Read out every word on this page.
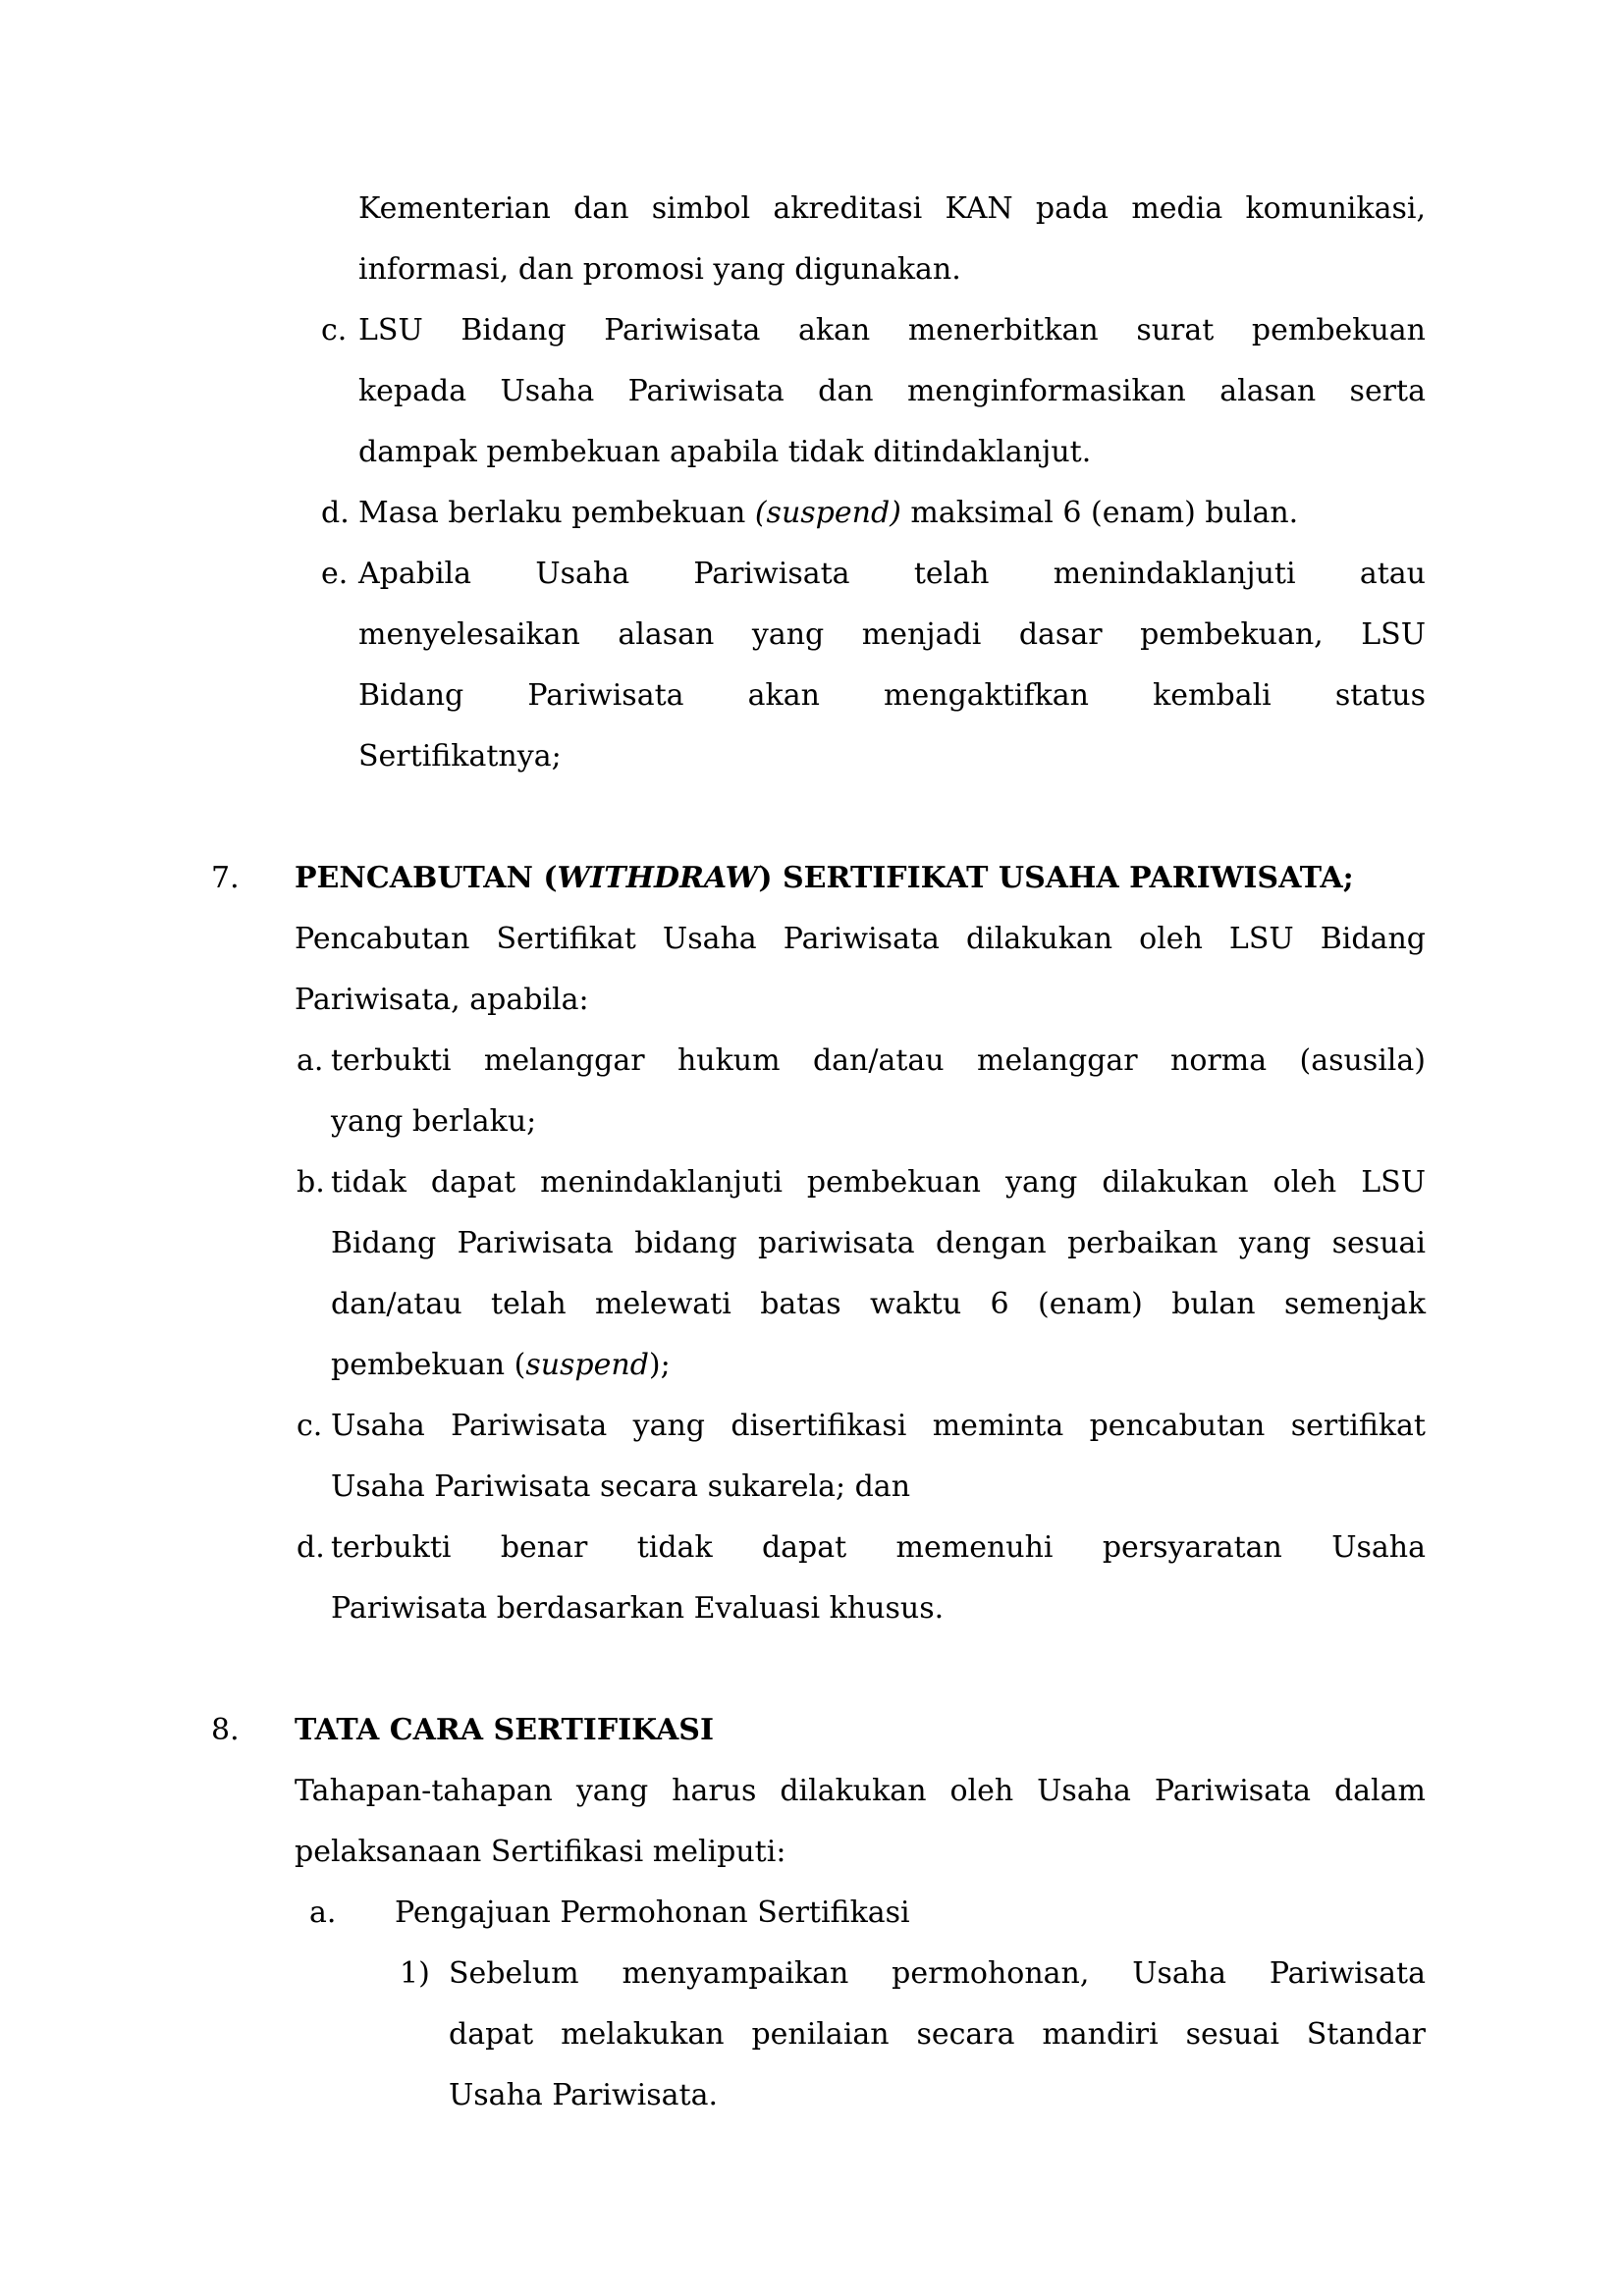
Kementerian dan simbol akreditasi KAN pada media komunikasi,
informasi, dan promosi yang digunakan.
c. LSU Bidang Pariwisata akan menerbitkan surat pembekuan
kepada Usaha Pariwisata dan menginformasikan alasan serta
dampak pembekuan apabila tidak ditindaklanjut.
d. Masa berlaku pembekuan (suspend) maksimal 6 (enam) bulan.
e. Apabila Usaha Pariwisata telah menindaklanjuti atau
menyelesaikan alasan yang menjadi dasar pembekuan, LSU
Bidang Pariwisata akan mengaktifkan kembali status
Sertifikatnya;
7. PENCABUTAN (WITHDRAW) SERTIFIKAT USAHA PARIWISATA;
Pencabutan Sertifikat Usaha Pariwisata dilakukan oleh LSU Bidang
Pariwisata, apabila:
a. terbukti melanggar hukum dan/atau melanggar norma (asusila)
yang berlaku;
b. tidak dapat menindaklanjuti pembekuan yang dilakukan oleh LSU
Bidang Pariwisata bidang pariwisata dengan perbaikan yang sesuai
dan/atau telah melewati batas waktu 6 (enam) bulan semenjak
pembekuan (suspend);
c. Usaha Pariwisata yang disertifikasi meminta pencabutan sertifikat
Usaha Pariwisata secara sukarela; dan
d. terbukti benar tidak dapat memenuhi persyaratan Usaha
Pariwisata berdasarkan Evaluasi khusus.
8. TATA CARA SERTIFIKASI
Tahapan-tahapan yang harus dilakukan oleh Usaha Pariwisata dalam
pelaksanaan Sertifikasi meliputi:
a. Pengajuan Permohonan Sertifikasi
1) Sebelum menyampaikan permohonan, Usaha Pariwisata
dapat melakukan penilaian secara mandiri sesuai Standar
Usaha Pariwisata.
